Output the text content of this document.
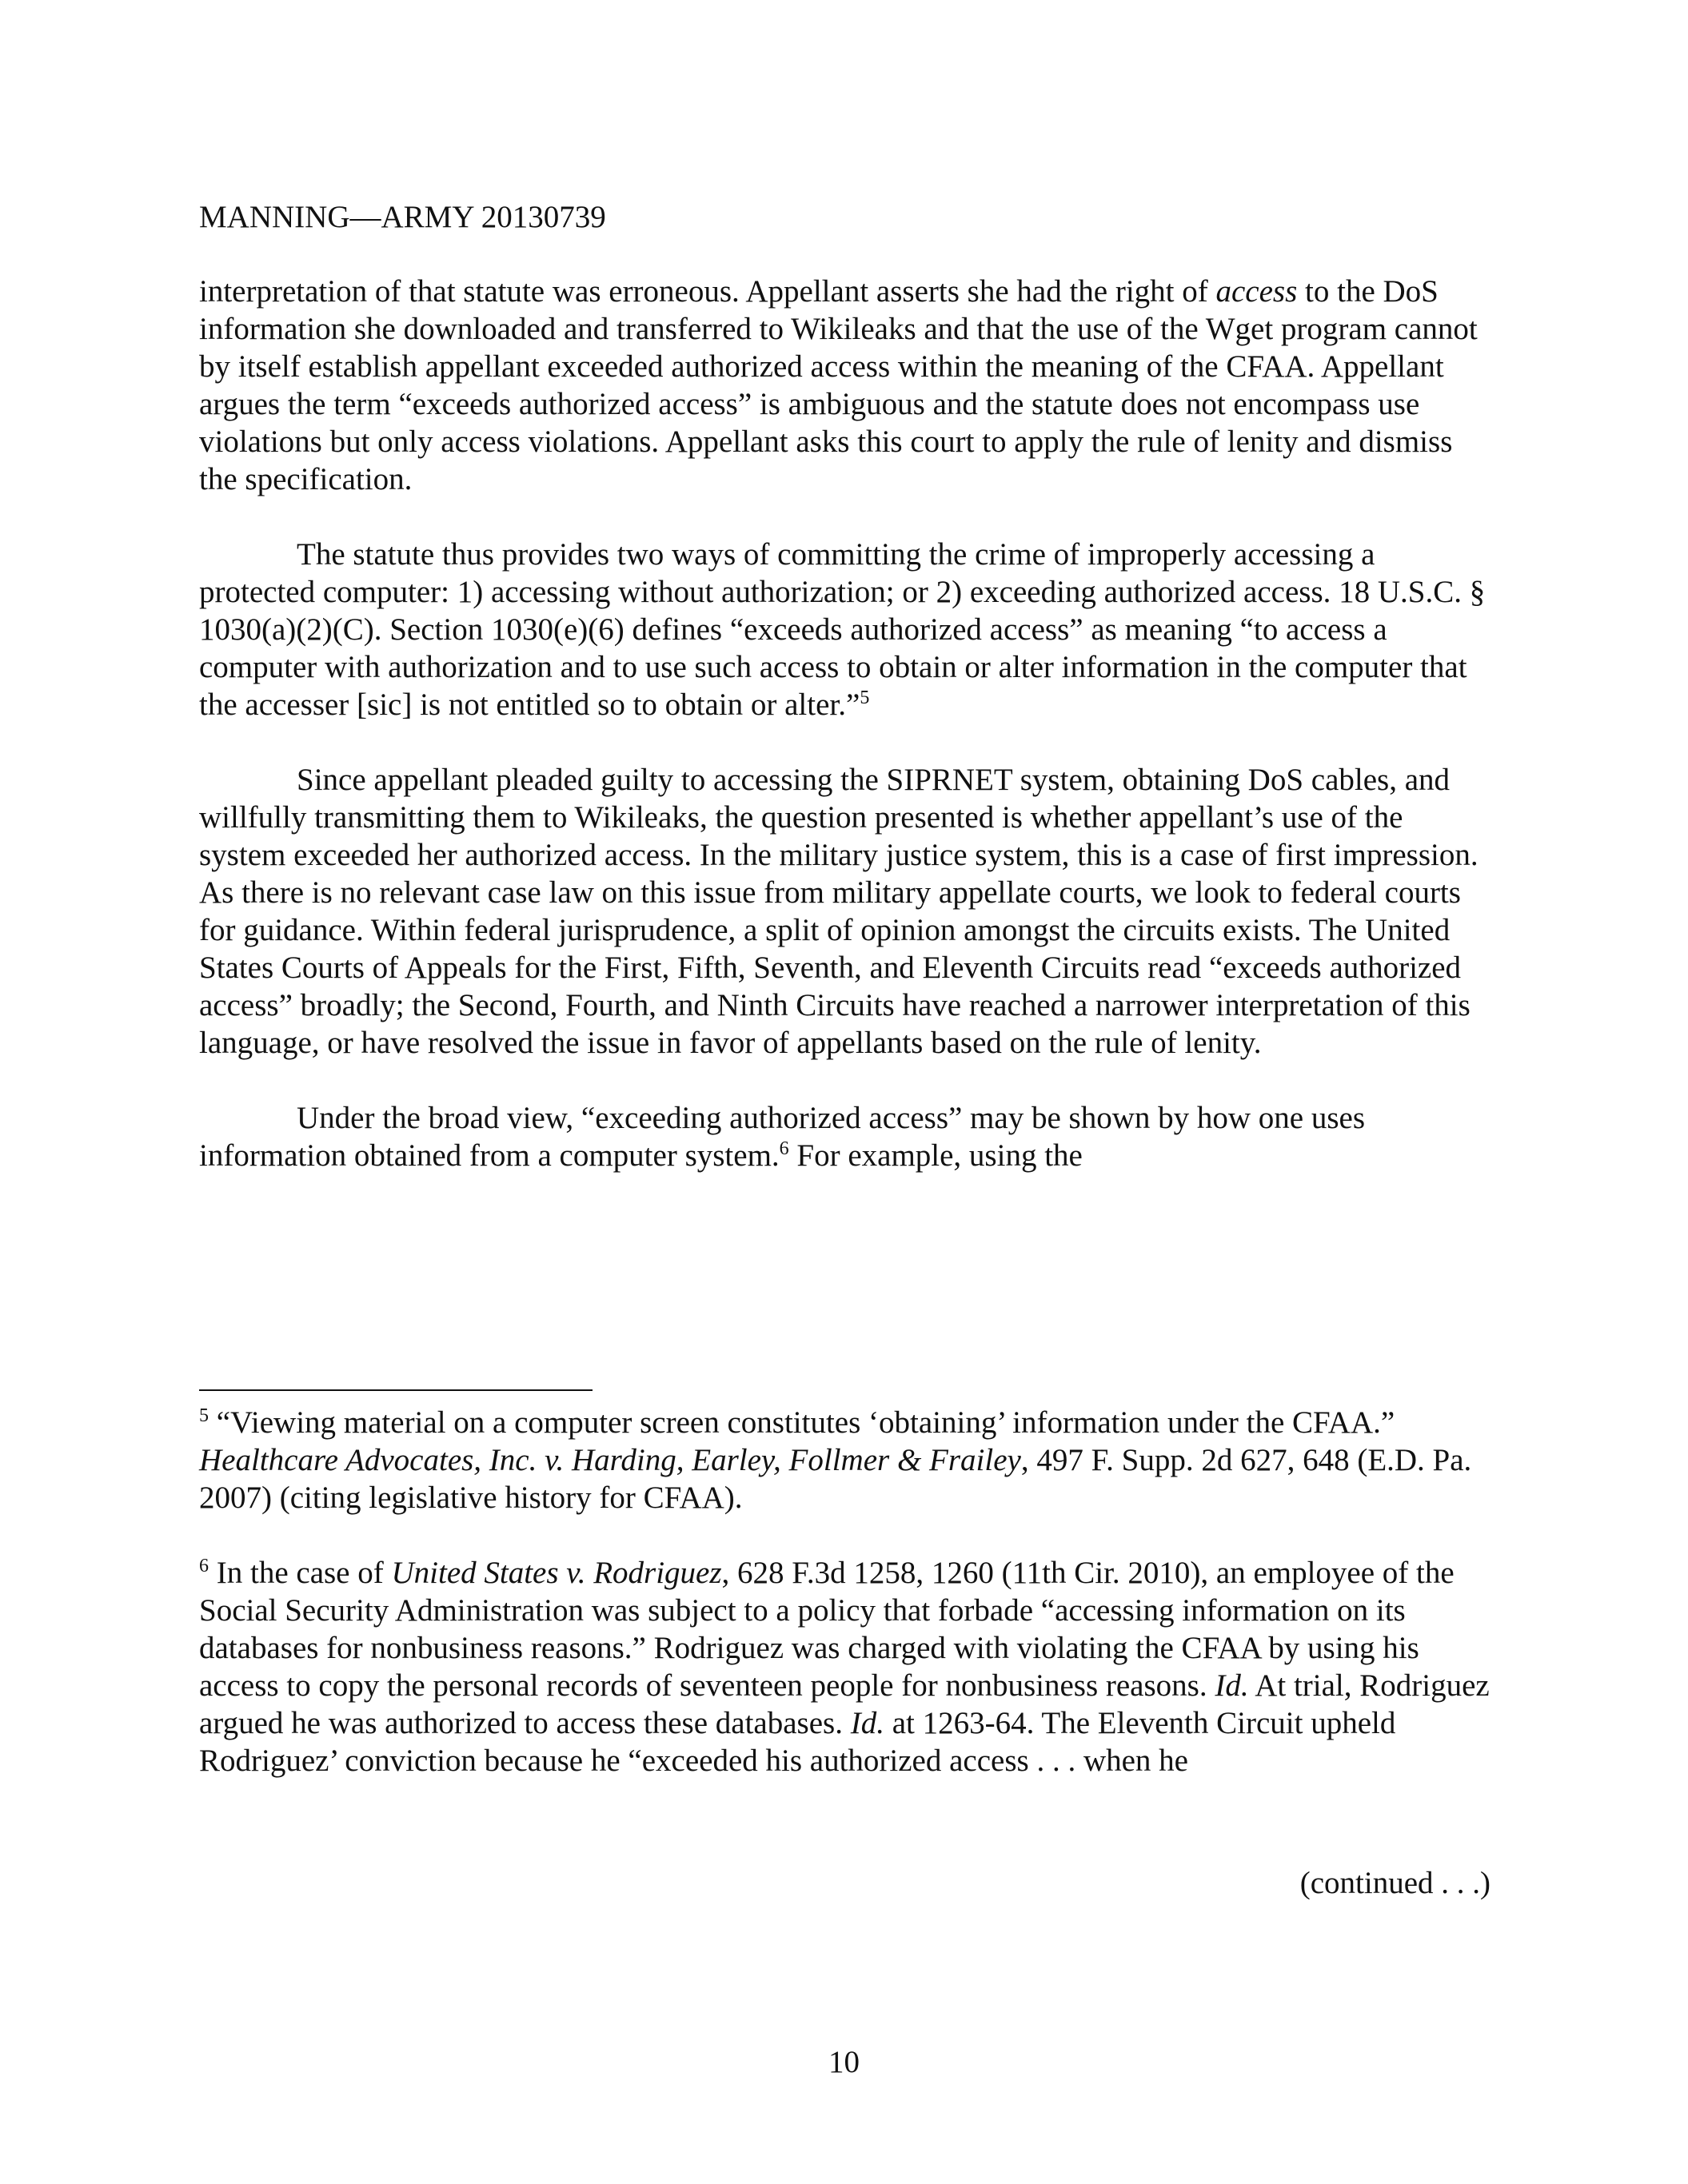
MANNING—ARMY 20130739

interpretation of that statute was erroneous. Appellant asserts she had the right of access to the DoS information she downloaded and transferred to Wikileaks and that the use of the Wget program cannot by itself establish appellant exceeded authorized access within the meaning of the CFAA. Appellant argues the term “exceeds authorized access” is ambiguous and the statute does not encompass use violations but only access violations. Appellant asks this court to apply the rule of lenity and dismiss the specification.

The statute thus provides two ways of committing the crime of improperly accessing a protected computer: 1) accessing without authorization; or 2) exceeding authorized access. 18 U.S.C. § 1030(a)(2)(C). Section 1030(e)(6) defines “exceeds authorized access” as meaning “to access a computer with authorization and to use such access to obtain or alter information in the computer that the accesser [sic] is not entitled so to obtain or alter.”$^5$

Since appellant pleaded guilty to accessing the SIPRNET system, obtaining DoS cables, and willfully transmitting them to Wikileaks, the question presented is whether appellant’s use of the system exceeded her authorized access. In the military justice system, this is a case of first impression. As there is no relevant case law on this issue from military appellate courts, we look to federal courts for guidance. Within federal jurisprudence, a split of opinion amongst the circuits exists. The United States Courts of Appeals for the First, Fifth, Seventh, and Eleventh Circuits read “exceeds authorized access” broadly; the Second, Fourth, and Ninth Circuits have reached a narrower interpretation of this language, or have resolved the issue in favor of appellants based on the rule of lenity.

Under the broad view, “exceeding authorized access” may be shown by how one uses information obtained from a computer system.$^6$ For example, using the

$^5$ “Viewing material on a computer screen constitutes ‘obtaining’ information under the CFAA.” Healthcare Advocates, Inc. v. Harding, Earley, Follmer & Frailey, 497 F. Supp. 2d 627, 648 (E.D. Pa. 2007) (citing legislative history for CFAA).

$^6$ In the case of United States v. Rodriguez, 628 F.3d 1258, 1260 (11th Cir. 2010), an employee of the Social Security Administration was subject to a policy that forbade “accessing information on its databases for nonbusiness reasons.” Rodriguez was charged with violating the CFAA by using his access to copy the personal records of seventeen people for nonbusiness reasons. Id. At trial, Rodriguez argued he was authorized to access these databases. Id. at 1263-64. The Eleventh Circuit upheld Rodriguez’ conviction because he “exceeded his authorized access . . . when he

(continued . . .)
10
